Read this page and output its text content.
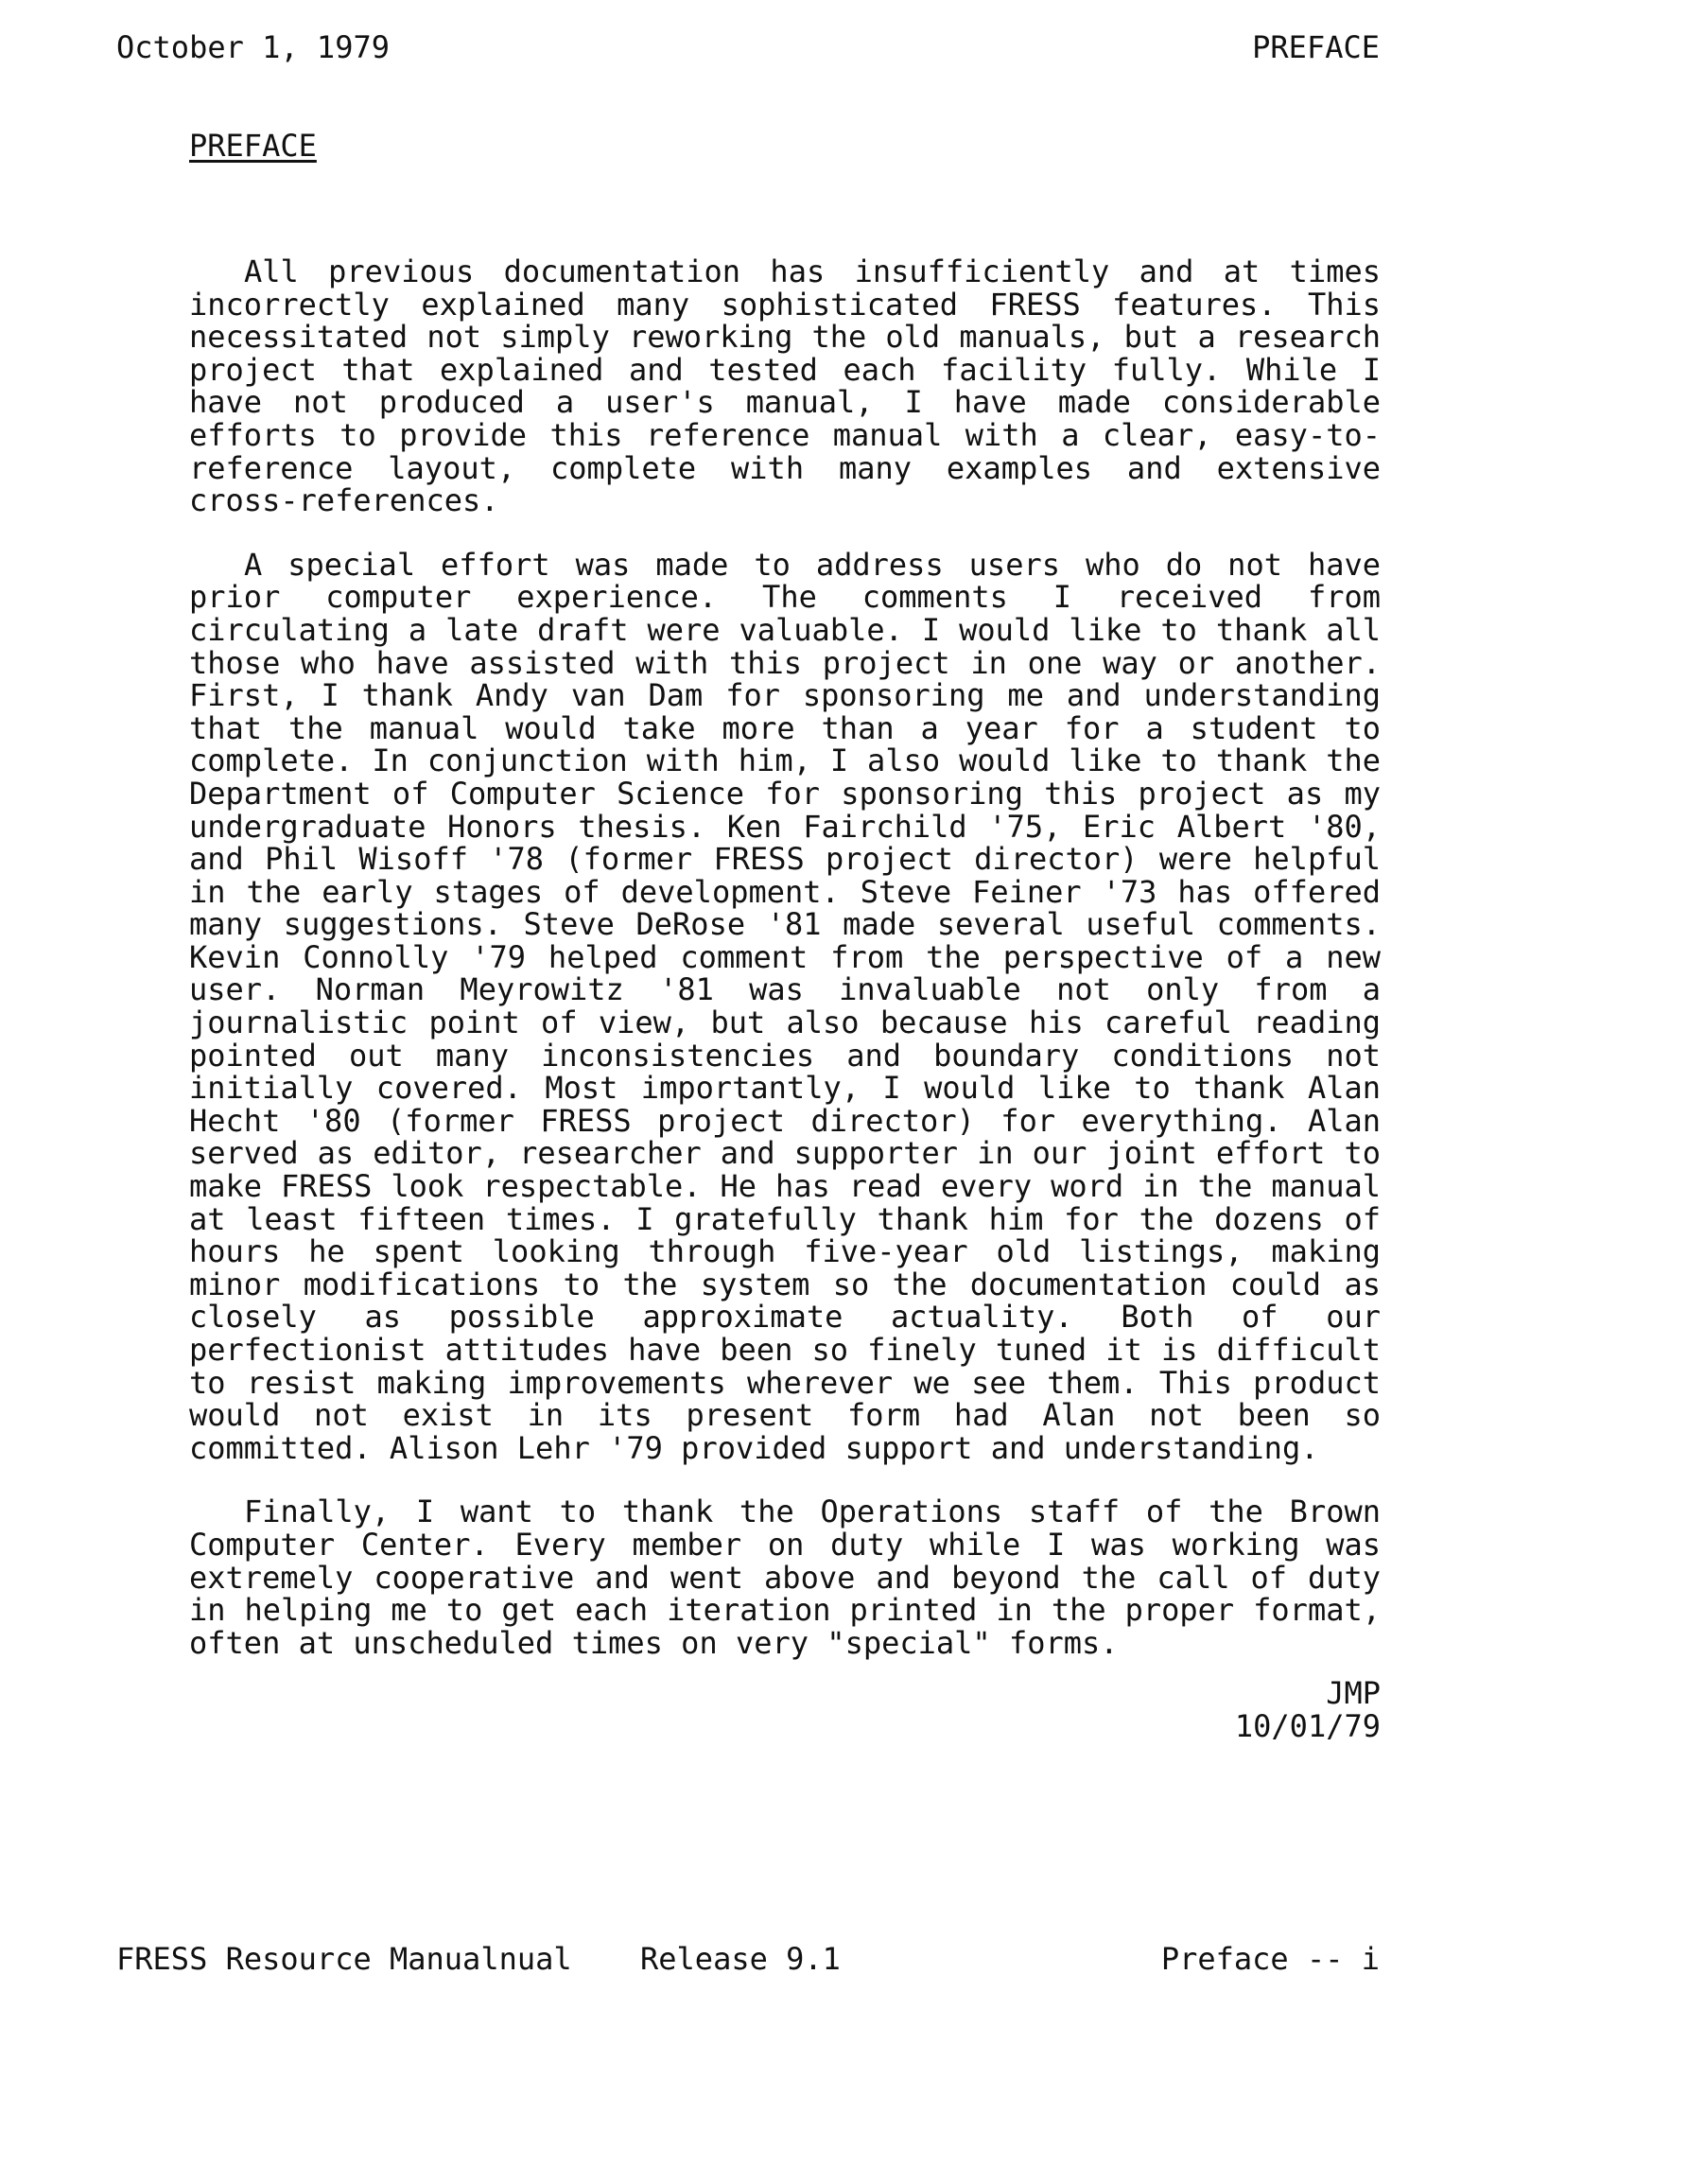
October 1, 1979	PREFACE
PREFACE

All previous documentation has insufficiently and at times incorrectly explained many sophisticated FRESS features. This necessitated not simply reworking the old manuals, but a research project that explained and tested each facility fully. While I have not produced a user's manual, I have made considerable efforts to provide this reference manual with a clear, easy-to-reference layout, complete with many examples and extensive cross-references.

A special effort was made to address users who do not have prior computer experience. The comments I received from circulating a late draft were valuable. I would like to thank all those who have assisted with this project in one way or another. First, I thank Andy van Dam for sponsoring me and understanding that the manual would take more than a year for a student to complete. In conjunction with him, I also would like to thank the Department of Computer Science for sponsoring this project as my undergraduate Honors thesis. Ken Fairchild '75, Eric Albert '80, and Phil Wisoff '78 (former FRESS project director) were helpful in the early stages of development. Steve Feiner '73 has offered many suggestions. Steve DeRose '81 made several useful comments. Kevin Connolly '79 helped comment from the perspective of a new user. Norman Meyrowitz '81 was invaluable not only from a journalistic point of view, but also because his careful reading pointed out many inconsistencies and boundary conditions not initially covered. Most importantly, I would like to thank Alan Hecht '80 (former FRESS project director) for everything. Alan served as editor, researcher and supporter in our joint effort to make FRESS look respectable. He has read every word in the manual at least fifteen times. I gratefully thank him for the dozens of hours he spent looking through five-year old listings, making minor modifications to the system so the documentation could as closely as possible approximate actuality. Both of our perfectionist attitudes have been so finely tuned it is difficult to resist making improvements wherever we see them. This product would not exist in its present form had Alan not been so committed. Alison Lehr '79 provided support and understanding.

Finally, I want to thank the Operations staff of the Brown Computer Center. Every member on duty while I was working was extremely cooperative and went above and beyond the call of duty in helping me to get each iteration printed in the proper format, often at unscheduled times on very "special" forms.

JMP
10/01/79
FRESS Resource Manualnual Release 9.1	Preface -- i
